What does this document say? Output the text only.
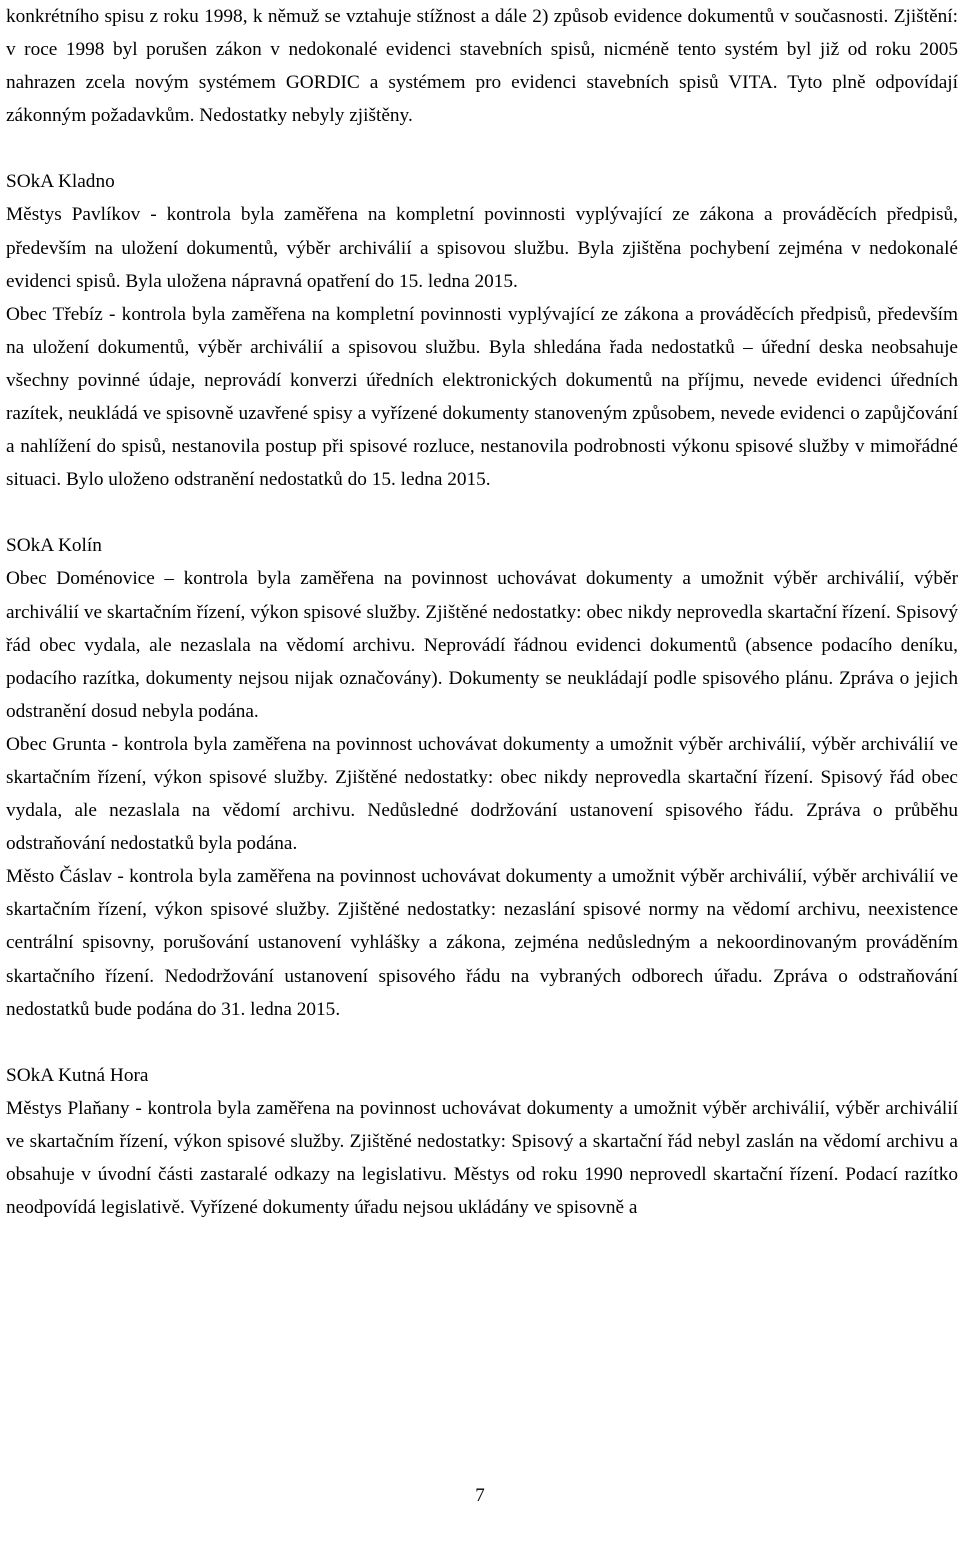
konkrétního spisu z roku 1998, k němuž se vztahuje stížnost a dále 2) způsob evidence dokumentů v současnosti. Zjištění: v roce 1998 byl porušen zákon v nedokonalé evidenci stavebních spisů, nicméně tento systém byl již od roku 2005 nahrazen zcela novým systémem GORDIC a systémem pro evidenci stavebních spisů VITA. Tyto plně odpovídají zákonným požadavkům. Nedostatky nebyly zjištěny.

SOkA Kladno

Městys Pavlíkov - kontrola byla zaměřena na kompletní povinnosti vyplývající ze zákona a prováděcích předpisů, především na uložení dokumentů, výběr archiválií a spisovou službu. Byla zjištěna pochybení zejména v nedokonalé evidenci spisů. Byla uložena nápravná opatření do 15. ledna 2015.

Obec Třebíz - kontrola byla zaměřena na kompletní povinnosti vyplývající ze zákona a prováděcích předpisů, především na uložení dokumentů, výběr archiválií a spisovou službu. Byla shledána řada nedostatků – úřední deska neobsahuje všechny povinné údaje, neprovádí konverzi úředních elektronických dokumentů na příjmu, nevede evidenci úředních razítek, neukládá ve spisovně uzavřené spisy a vyřízené dokumenty stanoveným způsobem, nevede evidenci o zapůjčování a nahlížení do spisů, nestanovila postup při spisové rozluce, nestanovila podrobnosti výkonu spisové služby v mimořádné situaci. Bylo uloženo odstranění nedostatků do 15. ledna 2015.

SOkA Kolín

Obec Doménovice – kontrola byla zaměřena na povinnost uchovávat dokumenty a umožnit výběr archiválií, výběr archiválií ve skartačním řízení, výkon spisové služby. Zjištěné nedostatky: obec nikdy neprovedla skartační řízení. Spisový řád obec vydala, ale nezaslala na vědomí archivu. Neprovádí řádnou evidenci dokumentů (absence podacího deníku, podacího razítka, dokumenty nejsou nijak označovány). Dokumenty se neukládají podle spisového plánu. Zpráva o jejich odstranění dosud nebyla podána.

Obec Grunta - kontrola byla zaměřena na povinnost uchovávat dokumenty a umožnit výběr archiválií, výběr archiválií ve skartačním řízení, výkon spisové služby. Zjištěné nedostatky: obec nikdy neprovedla skartační řízení. Spisový řád obec vydala, ale nezaslala na vědomí archivu. Nedůsledné dodržování ustanovení spisového řádu. Zpráva o průběhu odstraňování nedostatků byla podána.

Město Čáslav - kontrola byla zaměřena na povinnost uchovávat dokumenty a umožnit výběr archiválií, výběr archiválií ve skartačním řízení, výkon spisové služby. Zjištěné nedostatky: nezaslání spisové normy na vědomí archivu, neexistence centrální spisovny, porušování ustanovení vyhlášky a zákona, zejména nedůsledným a nekoordinovaným prováděním skartačního řízení. Nedodržování ustanovení spisového řádu na vybraných odborech úřadu. Zpráva o odstraňování nedostatků bude podána do 31. ledna 2015.

SOkA Kutná Hora

Městys Plaňany - kontrola byla zaměřena na povinnost uchovávat dokumenty a umožnit výběr archiválií, výběr archiválií ve skartačním řízení, výkon spisové služby. Zjištěné nedostatky: Spisový a skartační řád nebyl zaslán na vědomí archivu a obsahuje v úvodní části zastaralé odkazy na legislativu. Městys od roku 1990 neprovedl skartační řízení. Podací razítko neodpovídá legislativě. Vyřízené dokumenty úřadu nejsou ukládány ve spisovně a

7
